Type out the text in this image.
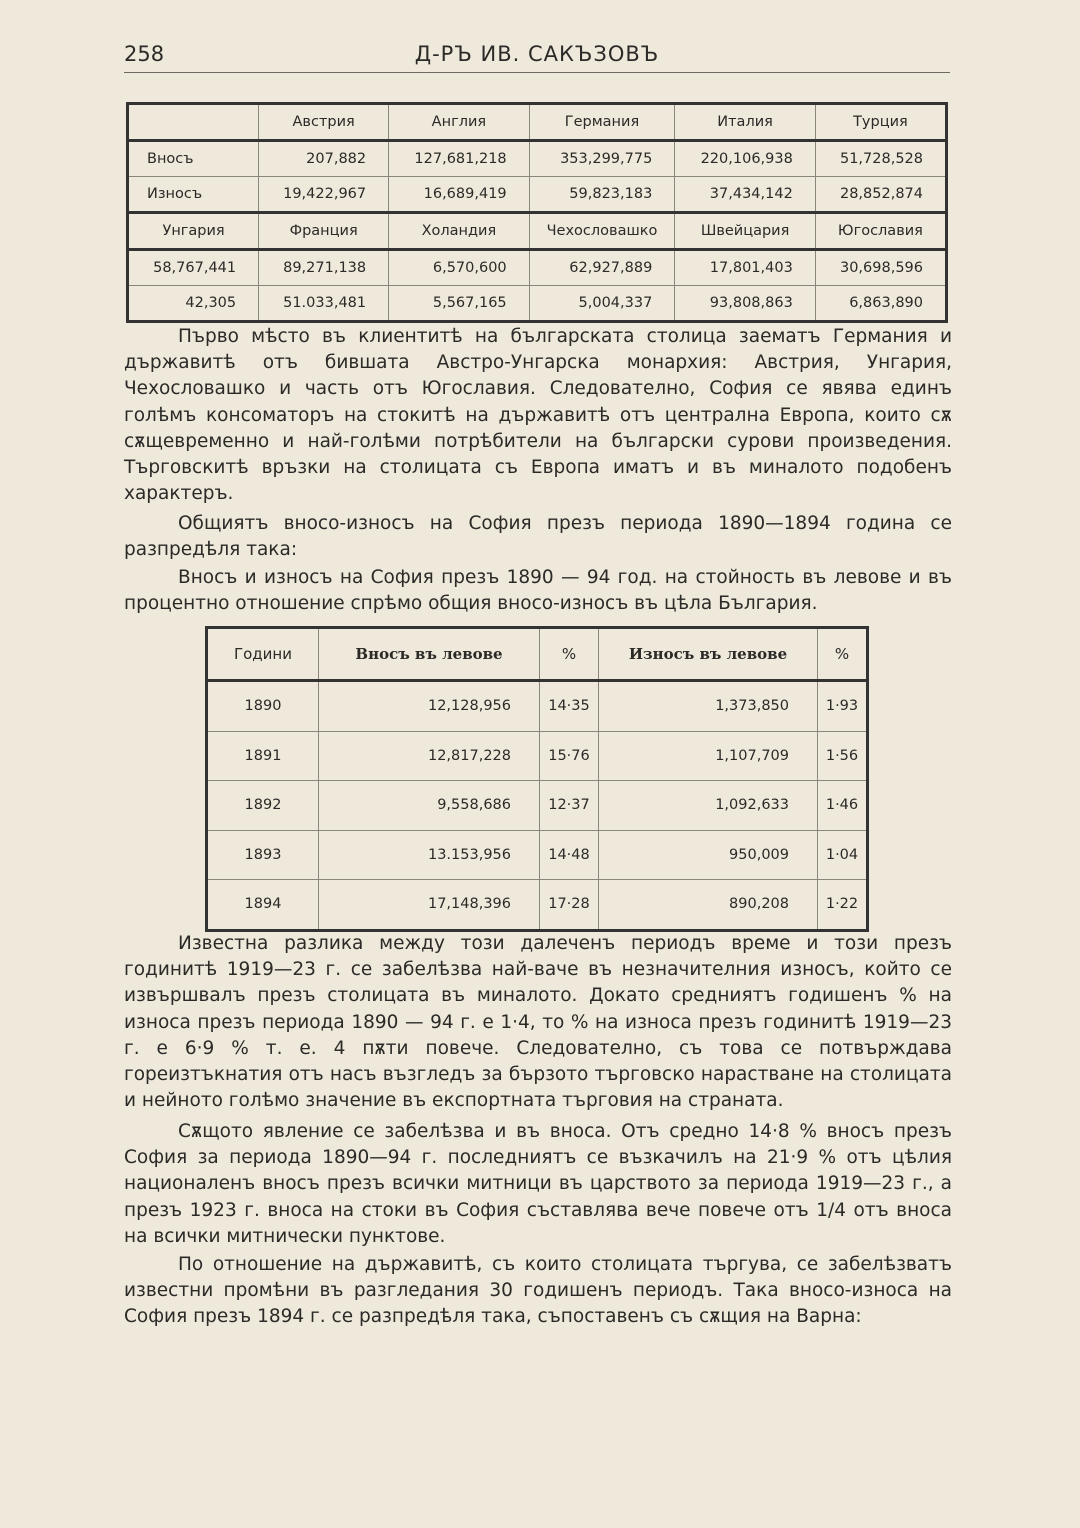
258	Д-РЪ ИВ. САКЪЗОВЪ
	Австрия	Англия	Германия	Италия	Турция
Вносъ	207,882	127,681,218	353,299,775	220,106,938	51,728,528
Износъ	19,422,967	16,689,419	59,823,183	37,434,142	28,852,874
Унгария	Франция	Холандия	Чехословашко	Швейцария	Югославия
58,767,441	89,271,138	6,570,600	62,927,889	17,801,403	30,698,596
42,305	51.033,481	5,567,165	5,004,337	93,808,863	6,863,890

Първо мѣсто въ клиентитѣ на българската столица заематъ Германия и държавитѣ отъ бившата Австро-Унгарска монархия: Австрия, Унгария, Чехословашко и часть отъ Югославия. Следователно, София се явява единъ голѣмъ консоматоръ на стокитѣ на държавитѣ отъ централна Европа, които сѫ сѫщевременно и най-голѣми потрѣбители на български сурови произведения. Търговскитѣ връзки на столицата съ Европа иматъ и въ миналото подобенъ характеръ.

Общиятъ вносо-износъ на София презъ периода 1890—1894 година се разпредѣля така:

Вносъ и износъ на София презъ 1890 — 94 год. на стойность въ левове и въ процентно отношение спрѣмо общия вносо-износъ въ цѣла България.

Години	Вносъ въ левове	%	Износъ въ левове	%
1890	12,128,956	14·35	1,373,850	1·93
1891	12,817,228	15·76	1,107,709	1·56
1892	9,558,686	12·37	1,092,633	1·46
1893	13.153,956	14·48	950,009	1·04
1894	17,148,396	17·28	890,208	1·22

Известна разлика между този далеченъ периодъ време и този презъ годинитѣ 1919—23 г. се забелѣзва най-ваче въ незначителния износъ, който се извършвалъ презъ столицата въ миналото. Докато средниятъ годишенъ % на износа презъ периода 1890 — 94 г. е 1·4, то % на износа презъ годинитѣ 1919—23 г. е 6·9 % т. е. 4 пѫти повече. Следователно, съ това се потвърждава гореизтъкнатия отъ насъ възгледъ за бързото търговско нарастване на столицата и нейното голѣмо значение въ експортната търговия на страната.

Сѫщото явление се забелѣзва и въ вноса. Отъ средно 14·8 % вносъ презъ София за периода 1890—94 г. последниятъ се възкачилъ на 21·9 % отъ цѣлия националенъ вносъ презъ всички митници въ царството за периода 1919—23 г., а презъ 1923 г. вноса на стоки въ София съставлява вече повече отъ 1/4 отъ вноса на всички митнически пунктове.

По отношение на държавитѣ, съ които столицата търгува, се забелѣзватъ известни промѣни въ разгледания 30 годишенъ периодъ. Така вносо-износа на София презъ 1894 г. се разпредѣля така, съпоставенъ съ сѫщия на Варна:
